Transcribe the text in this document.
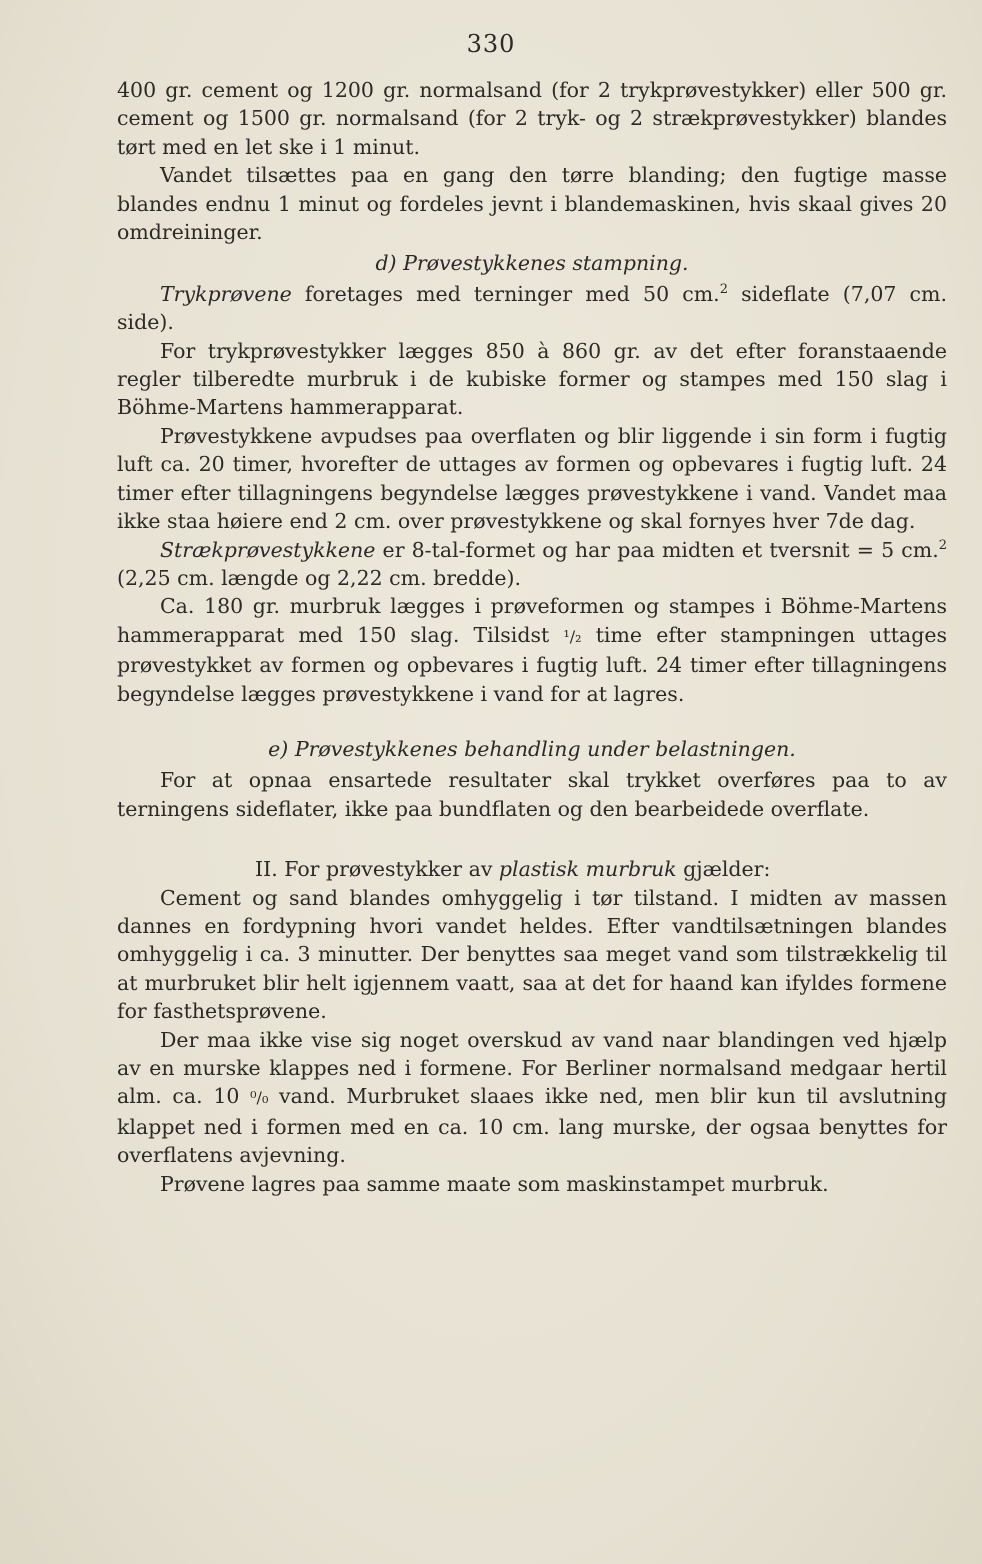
330

400 gr. cement og 1200 gr. normalsand (for 2 trykprøvestykker) eller 500 gr. cement og 1500 gr. normalsand (for 2 tryk- og 2 strækprøvestykker) blandes tørt med en let ske i 1 minut.

Vandet tilsættes paa en gang den tørre blanding; den fugtige masse blandes endnu 1 minut og fordeles jevnt i blandemaskinen, hvis skaal gives 20 omdreininger.

d) Prøvestykkenes stampning.

Trykprøvene foretages med terninger med 50 cm.$^2$ sideflate (7,07 cm. side).

For trykprøvestykker lægges 850 à 860 gr. av det efter foranstaaende regler tilberedte murbruk i de kubiske former og stampes med 150 slag i Böhme-Martens hammerapparat.

Prøvestykkene avpudses paa overflaten og blir liggende i sin form i fugtig luft ca. 20 timer, hvorefter de uttages av formen og opbevares i fugtig luft. 24 timer efter tillagningens begyndelse lægges prøvestykkene i vand. Vandet maa ikke staa høiere end 2 cm. over prøvestykkene og skal fornyes hver 7de dag.

Strækprøvestykkene er 8-tal-formet og har paa midten et tversnit = 5 cm.$^2$ (2,25 cm. længde og 2,22 cm. bredde).

Ca. 180 gr. murbruk lægges i prøveformen og stampes i Böhme-Martens hammerapparat med 150 slag. Tilsidst ¹/₂ time efter stampningen uttages prøvestykket av formen og opbevares i fugtig luft. 24 timer efter tillagningens begyndelse lægges prøvestykkene i vand for at lagres.

e) Prøvestykkenes behandling under belastningen.

For at opnaa ensartede resultater skal trykket overføres paa to av terningens sideflater, ikke paa bundflaten og den bearbeidede overflate.

II. For prøvestykker av plastisk murbruk gjælder:

Cement og sand blandes omhyggelig i tør tilstand. I midten av massen dannes en fordypning hvori vandet heldes. Efter vandtilsætningen blandes omhyggelig i ca. 3 minutter. Der benyttes saa meget vand som tilstrækkelig til at murbruket blir helt igjennem vaatt, saa at det for haand kan ifyldes formene for fasthetsprøvene.

Der maa ikke vise sig noget overskud av vand naar blandingen ved hjælp av en murske klappes ned i formene. For Berliner normalsand medgaar hertil alm. ca. 10 ⁰/₀ vand. Murbruket slaaes ikke ned, men blir kun til avslutning klappet ned i formen med en ca. 10 cm. lang murske, der ogsaa benyttes for overflatens avjevning.

Prøvene lagres paa samme maate som maskinstampet murbruk.
